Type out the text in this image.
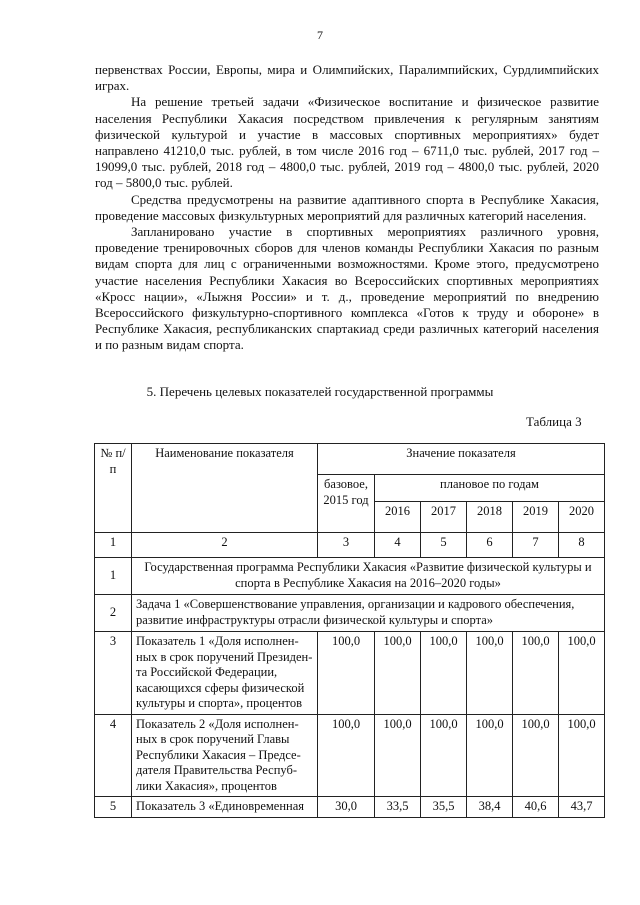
7

первенствах России, Европы, мира и Олимпийских, Паралимпийских, Сурдлимпийских играх.

На решение третьей задачи «Физическое воспитание и физическое развитие населения Республики Хакасия посредством привлечения к регулярным занятиям физической культурой и участие в массовых спортивных мероприятиях» будет направлено 41210,0 тыс. рублей, в том числе 2016 год – 6711,0 тыс. рублей, 2017 год – 19099,0 тыс. рублей, 2018 год – 4800,0 тыс. рублей, 2019 год – 4800,0 тыс. рублей, 2020 год – 5800,0 тыс. рублей.

Средства предусмотрены на развитие адаптивного спорта в Республике Хакасия, проведение массовых физкультурных мероприятий для различных категорий населения.

Запланировано участие в спортивных мероприятиях различного уровня, проведение тренировочных сборов для членов команды Республики Хакасия по разным видам спорта для лиц с ограниченными возможностями. Кроме этого, предусмотрено участие населения Республики Хакасия во Всероссийских спортивных мероприятиях «Кросс нации», «Лыжня России» и т. д., проведение мероприятий по внедрению Всероссийского физкультурно-спортивного комплекса «Готов к труду и обороне» в Республике Хакасия, республиканских спартакиад среди различных категорий населения и по разным видам спорта.

5. Перечень целевых показателей государственной программы
Таблица 3
№ п/п	Наименование показателя	Значение показателя					
		базовое, 2015 год	плановое по годам				
			2016	2017	2018	2019	2020
1	2	3	4	5	6	7	8
1	Государственная программа Республики Хакасия «Развитие физической культуры и спорта в Республике Хакасия на 2016–2020 годы»						
2	Задача 1 «Совершенствование управления, организации и кадрового обеспечения, развитие инфраструктуры отрасли физической культуры и спорта»						
3	Показатель 1 «Доля исполнен-ных в срок поручений Президен-та Российской Федерации, касающихся сферы физической культуры и спорта», процентов	100,0	100,0	100,0	100,0	100,0	100,0
4	Показатель 2 «Доля исполнен-ных в срок поручений Главы Республики Хакасия – Предсе-дателя Правительства Респуб-лики Хакасия», процентов	100,0	100,0	100,0	100,0	100,0	100,0
5	Показатель 3 «Единовременная	30,0	33,5	35,5	38,4	40,6	43,7
